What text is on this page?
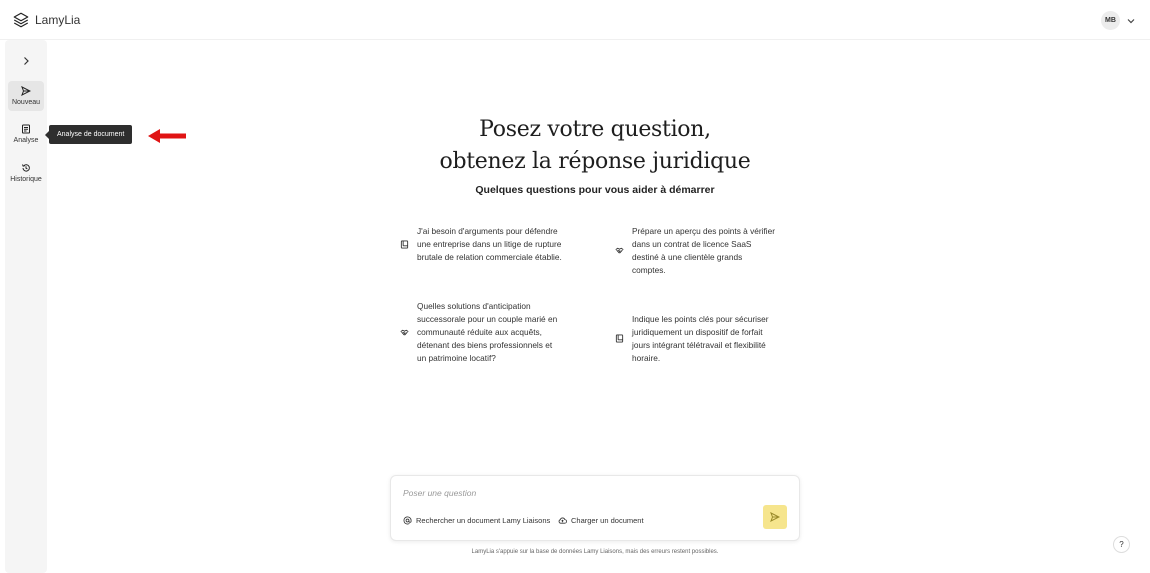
LamyLia	MB
Nouveau
Analyse
Historique
Analyse de document	Posez votre question,
obtenez la réponse juridique
Quelques questions pour vous aider à démarrer
J'ai besoin d'arguments pour défendre une entreprise dans un litige de rupture brutale de relation commerciale établie.
Prépare un aperçu des points à vérifier dans un contrat de licence SaaS destiné à une clientèle grands comptes.
Quelles solutions d'anticipation successorale pour un couple marié en communauté réduite aux acquêts, détenant des biens professionnels et un patrimoine locatif?
Indique les points clés pour sécuriser juridiquement un dispositif de forfait jours intégrant télétravail et flexibilité horaire.
Poser une question
Rechercher un document Lamy Liaisons	Charger un document
LamyLia s'appuie sur la base de données Lamy Liaisons, mais des erreurs restent possibles.
?
